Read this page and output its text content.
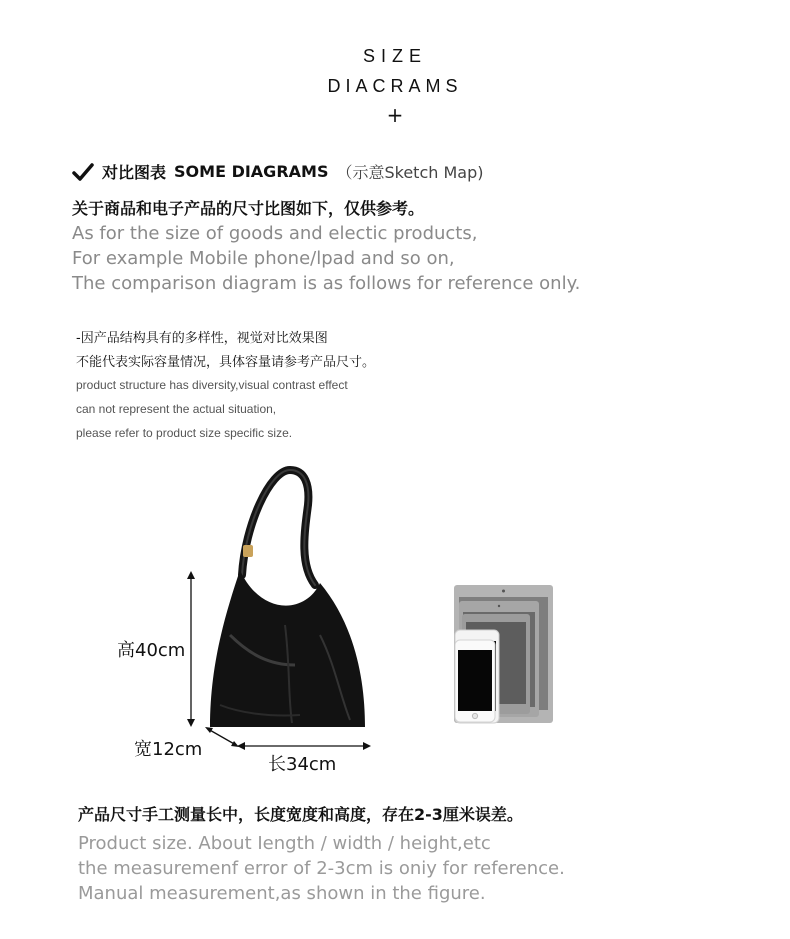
SIZE
DIACRAMS
+
对比图表 SOME DIAGRAMS （示意Sketch Map)
关于商品和电子产品的尺寸比图如下，仅供参考。
As for the size of goods and electic products,
For example Mobile phone/lpad and so on,
The comparison diagram is as follows for reference only.
-因产品结构具有的多样性，视觉对比效果图
不能代表实际容量情况，具体容量请参考产品尺寸。
product structure has diversity,visual contrast effect
can not represent the actual situation,
please refer to product size specific size.
高40cm
宽12cm
长34cm
产品尺寸手工测量长中，长度宽度和高度，存在2-3厘米误差。
Product size. About Iength / width / height,etc
the measuremenf error of 2-3cm is oniy for reference.
Manual measurement,as shown in the figure.
